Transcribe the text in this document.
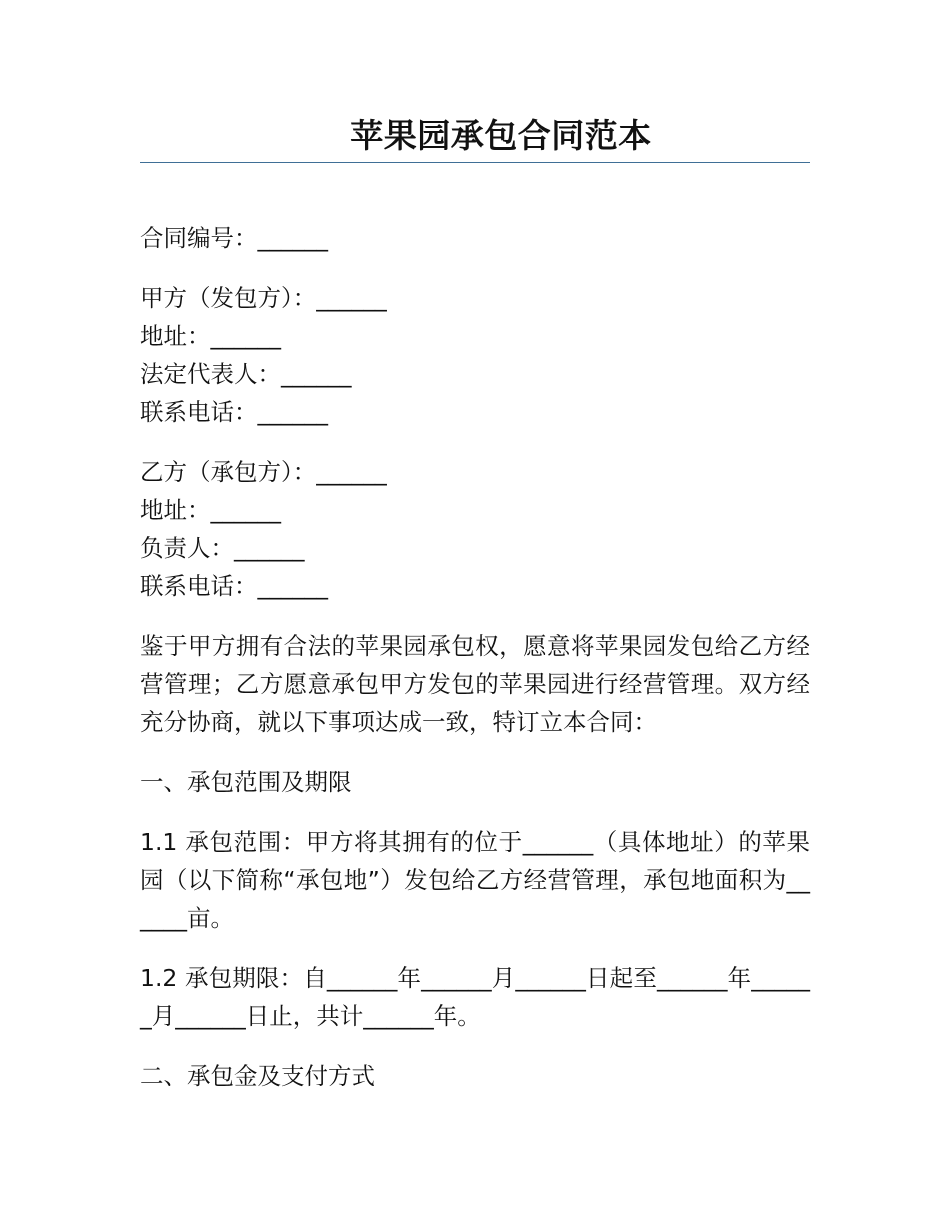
苹果园承包合同范本
合同编号：______
甲方（发包方）：______
地址：______
法定代表人：______
联系电话：______
乙方（承包方）：______
地址：______
负责人：______
联系电话：______

鉴于甲方拥有合法的苹果园承包权，愿意将苹果园发包给乙方经营管理；乙方愿意承包甲方发包的苹果园进行经营管理。双方经充分协商，就以下事项达成一致，特订立本合同：

一、承包范围及期限

1.1 承包范围：甲方将其拥有的位于______（具体地址）的苹果园（以下简称“承包地”）发包给乙方经营管理，承包地面积为______亩。

1.2 承包期限：自______年______月______日起至______年______月______日止，共计______年。

二、承包金及支付方式
